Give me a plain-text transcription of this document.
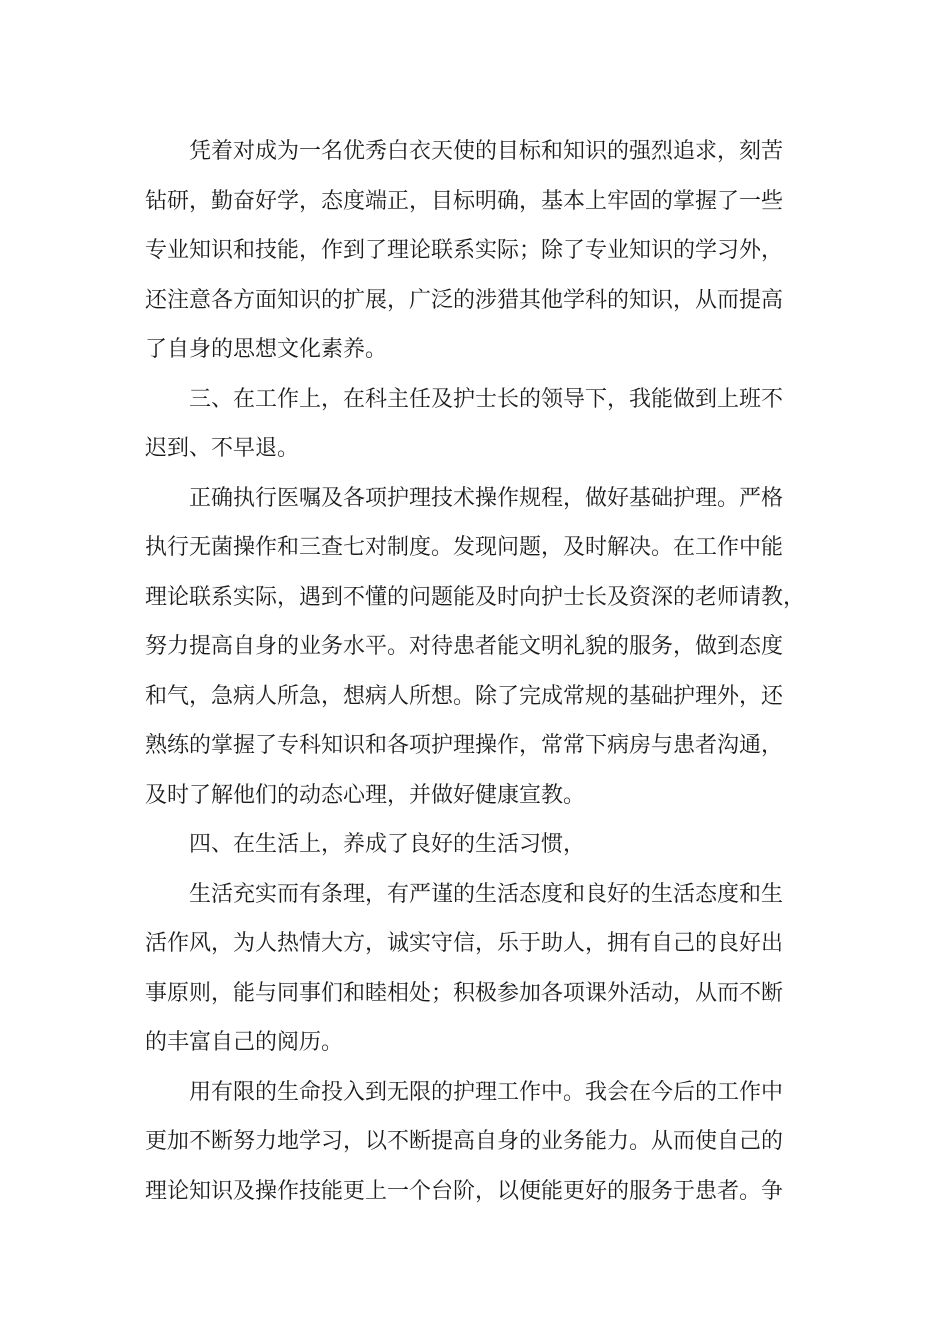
凭着对成为一名优秀白衣天使的目标和知识的强烈追求，刻苦
钻研，勤奋好学，态度端正，目标明确，基本上牢固的掌握了一些
专业知识和技能，作到了理论联系实际；除了专业知识的学习外，
还注意各方面知识的扩展，广泛的涉猎其他学科的知识，从而提高
了自身的思想文化素养。
三、在工作上，在科主任及护士长的领导下，我能做到上班不
迟到、不早退。
正确执行医嘱及各项护理技术操作规程，做好基础护理。严格
执行无菌操作和三查七对制度。发现问题，及时解决。在工作中能
理论联系实际，遇到不懂的问题能及时向护士长及资深的老师请教，
努力提高自身的业务水平。对待患者能文明礼貌的服务，做到态度
和气，急病人所急，想病人所想。除了完成常规的基础护理外，还
熟练的掌握了专科知识和各项护理操作，常常下病房与患者沟通，
及时了解他们的动态心理，并做好健康宣教。
四、在生活上，养成了良好的生活习惯，
生活充实而有条理，有严谨的生活态度和良好的生活态度和生
活作风，为人热情大方，诚实守信，乐于助人，拥有自己的良好出
事原则，能与同事们和睦相处；积极参加各项课外活动，从而不断
的丰富自己的阅历。
用有限的生命投入到无限的护理工作中。我会在今后的工作中
更加不断努力地学习，以不断提高自身的业务能力。从而使自己的
理论知识及操作技能更上一个台阶，以便能更好的服务于患者。争
